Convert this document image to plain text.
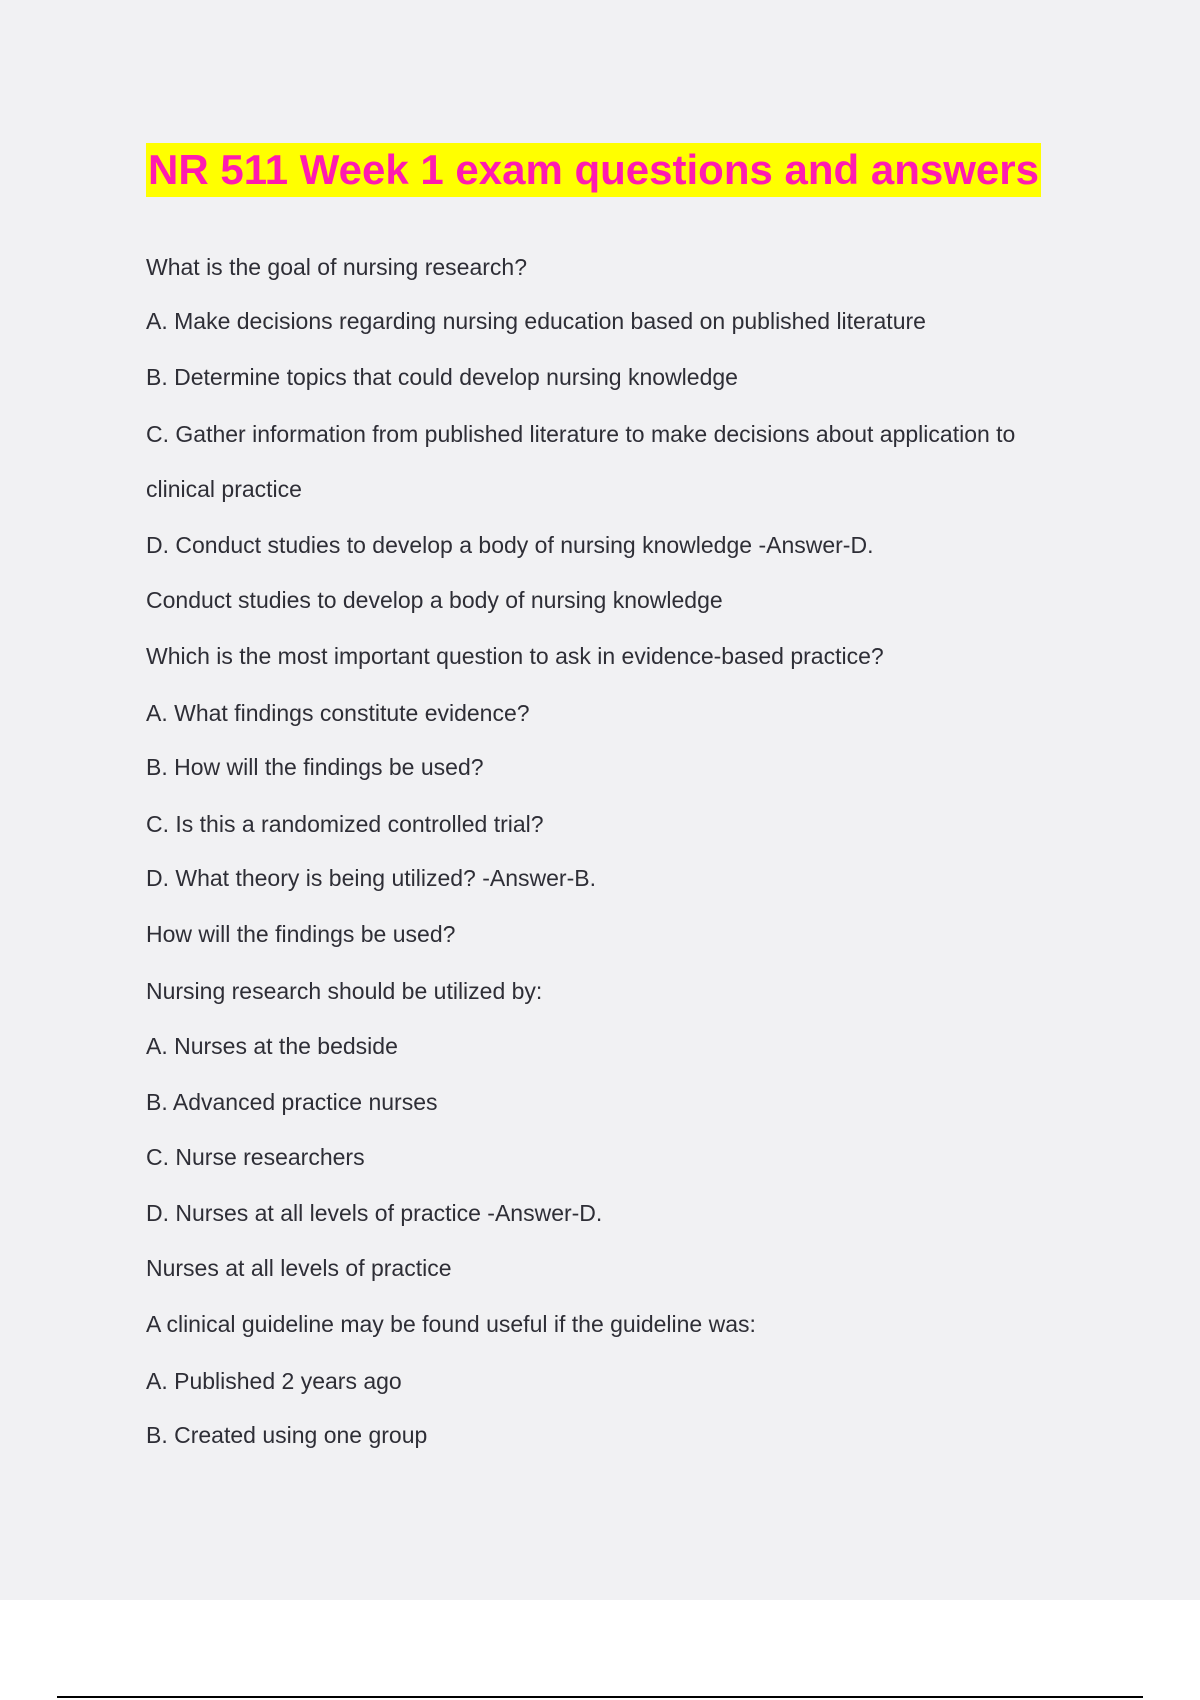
NR 511 Week 1 exam questions and answers

What is the goal of nursing research?

A. Make decisions regarding nursing education based on published literature

B. Determine topics that could develop nursing knowledge

C. Gather information from published literature to make decisions about application to

clinical practice

D. Conduct studies to develop a body of nursing knowledge -Answer-D.

Conduct studies to develop a body of nursing knowledge

Which is the most important question to ask in evidence-based practice?

A. What findings constitute evidence?

B. How will the findings be used?

C. Is this a randomized controlled trial?

D. What theory is being utilized? -Answer-B.

How will the findings be used?

Nursing research should be utilized by:

A. Nurses at the bedside

B. Advanced practice nurses

C. Nurse researchers

D. Nurses at all levels of practice -Answer-D.

Nurses at all levels of practice

A clinical guideline may be found useful if the guideline was:

A. Published 2 years ago

B. Created using one group
